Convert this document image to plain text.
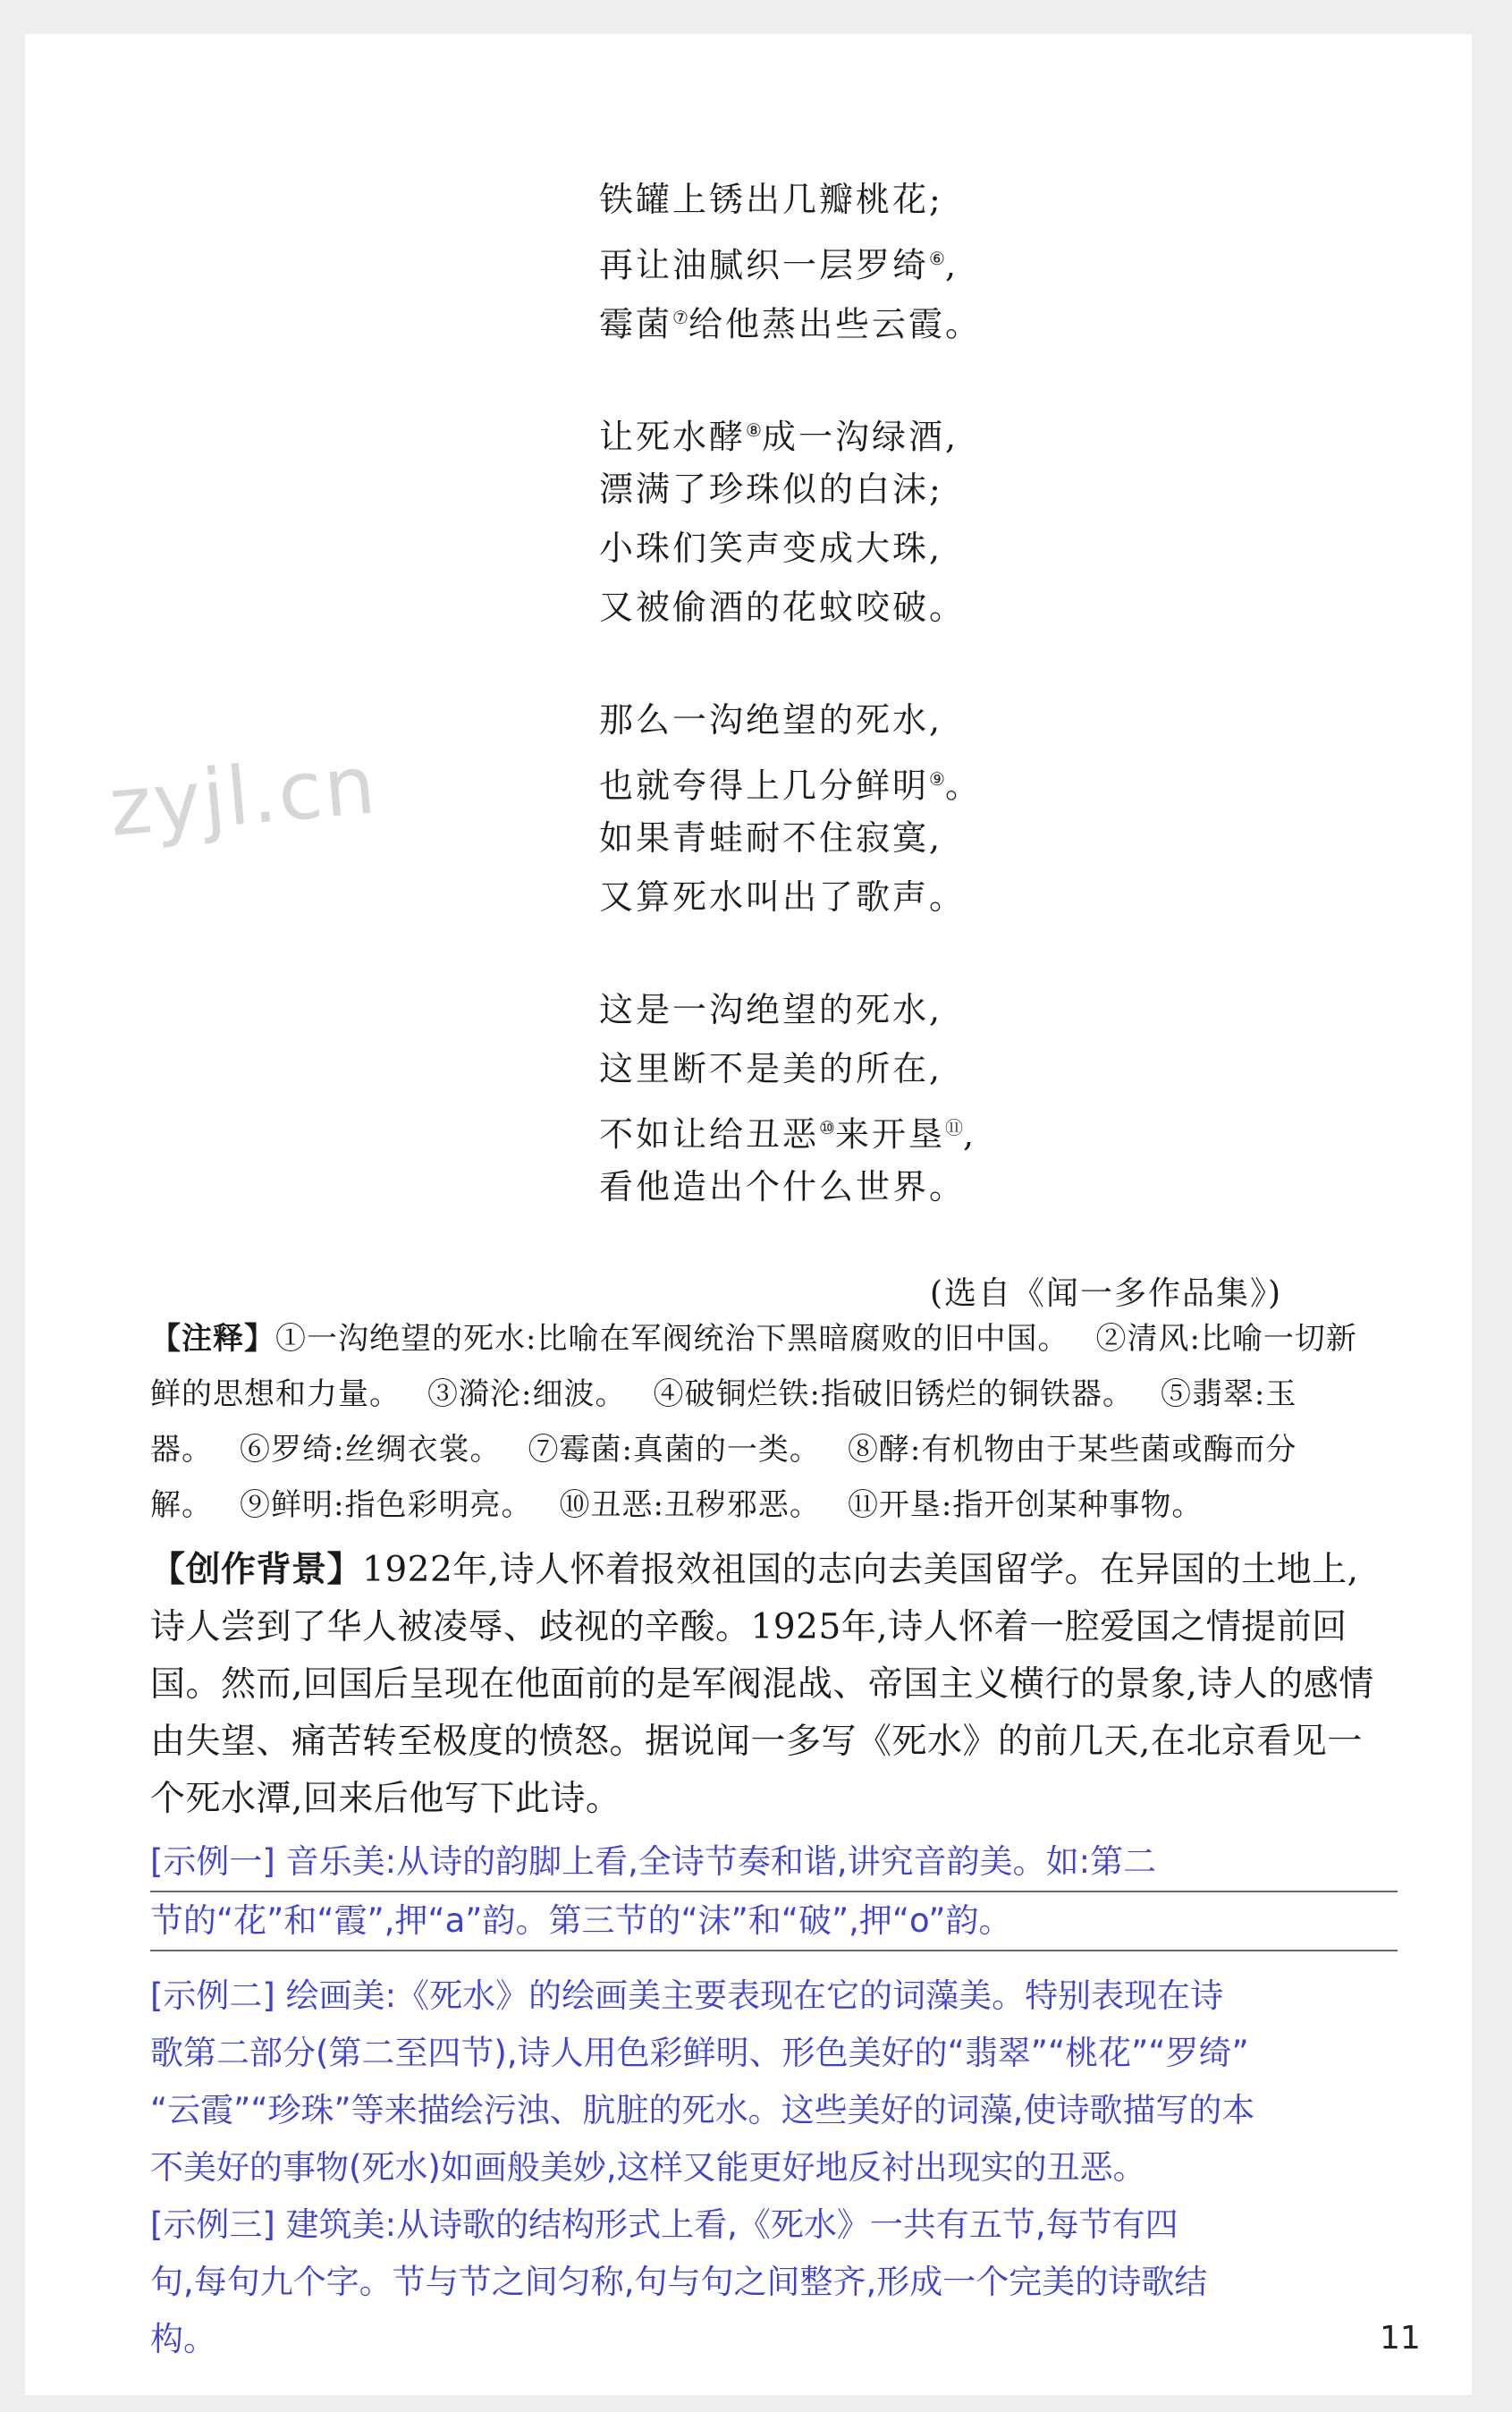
zyjl.cn
铁罐上锈出几瓣桃花;
再让油腻织一层罗绮⑥,
霉菌⑦给他蒸出些云霞。
让死水酵⑧成一沟绿酒,
漂满了珍珠似的白沫;
小珠们笑声变成大珠,
又被偷酒的花蚊咬破。
那么一沟绝望的死水,
也就夸得上几分鲜明⑨。
如果青蛙耐不住寂寞,
又算死水叫出了歌声。
这是一沟绝望的死水,
这里断不是美的所在,
不如让给丑恶⑩来开垦⑪,
看他造出个什么世界。
(选自《闻一多作品集》)
【注释】①一沟绝望的死水:比喻在军阀统治下黑暗腐败的旧中国。 ②清风:比喻一切新鲜的思想和力量。 ③漪沦:细波。 ④破铜烂铁:指破旧锈烂的铜铁器。 ⑤翡翠:玉器。 ⑥罗绮:丝绸衣裳。 ⑦霉菌:真菌的一类。 ⑧酵:有机物由于某些菌或酶而分解。 ⑨鲜明:指色彩明亮。 ⑩丑恶:丑秽邪恶。 ⑪开垦:指开创某种事物。
【创作背景】1922年,诗人怀着报效祖国的志向去美国留学。在异国的土地上,诗人尝到了华人被凌辱、歧视的辛酸。1925年,诗人怀着一腔爱国之情提前回国。然而,回国后呈现在他面前的是军阀混战、帝国主义横行的景象,诗人的感情由失望、痛苦转至极度的愤怒。据说闻一多写《死水》的前几天,在北京看见一个死水潭,回来后他写下此诗。
[示例一] 音乐美:从诗的韵脚上看,全诗节奏和谐,讲究音韵美。如:第二
节的“花”和“霞”,押“a”韵。第三节的“沫”和“破”,押“o”韵。
[示例二] 绘画美:《死水》的绘画美主要表现在它的词藻美。特别表现在诗
歌第二部分(第二至四节),诗人用色彩鲜明、形色美好的“翡翠”“桃花”“罗绮”
“云霞”“珍珠”等来描绘污浊、肮脏的死水。这些美好的词藻,使诗歌描写的本
不美好的事物(死水)如画般美妙,这样又能更好地反衬出现实的丑恶。
[示例三] 建筑美:从诗歌的结构形式上看,《死水》一共有五节,每节有四
句,每句九个字。节与节之间匀称,句与句之间整齐,形成一个完美的诗歌结
构。	11
